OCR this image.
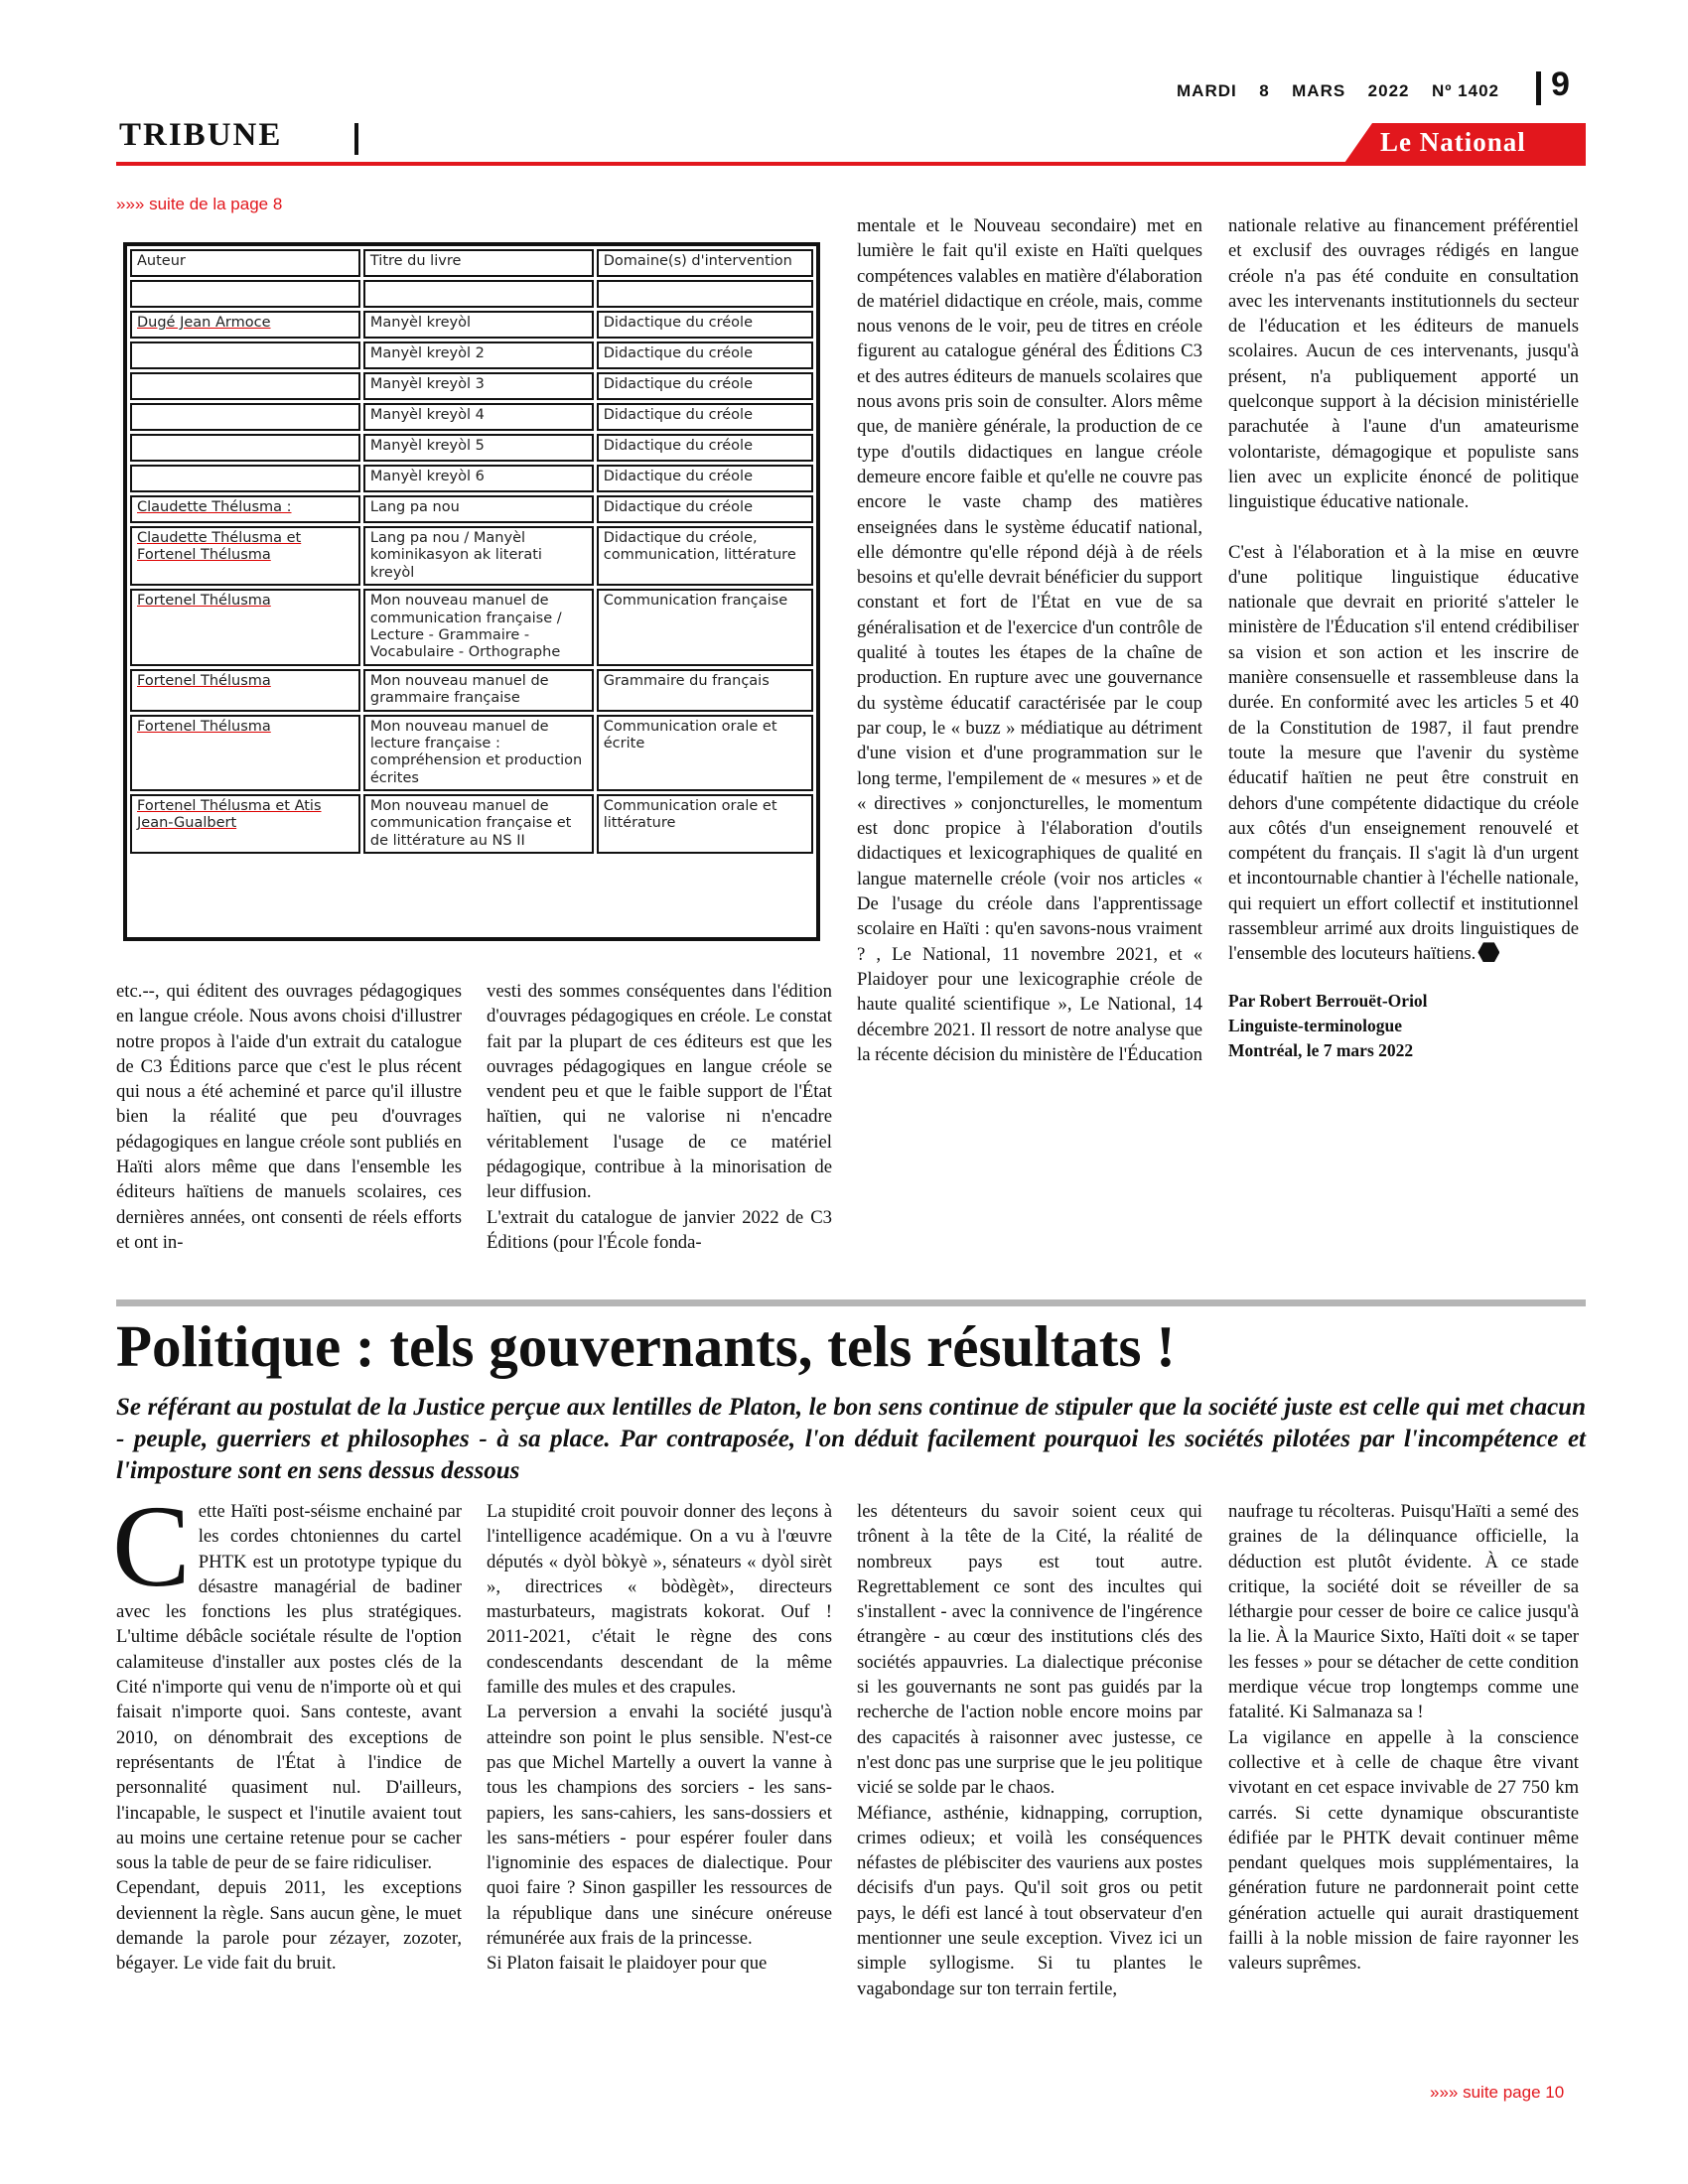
MARDI 8 MARS 2022 Nº 1402 9
TRIBUNE	Le National
»»» suite de la page 8
Auteur	Titre du livre	Domaine(s) d'intervention

Dugé Jean Armoce	Manyèl kreyòl	Didactique du créole
	Manyèl kreyòl 2	Didactique du créole
	Manyèl kreyòl 3	Didactique du créole
	Manyèl kreyòl 4	Didactique du créole
	Manyèl kreyòl 5	Didactique du créole
	Manyèl kreyòl 6	Didactique du créole
Claudette Thélusma :	Lang pa nou	Didactique du créole
Claudette Thélusma et Fortenel Thélusma	Lang pa nou / Manyèl kominikasyon ak literati kreyòl	Didactique du créole, communication, littérature
Fortenel Thélusma	Mon nouveau manuel de communication française / Lecture - Grammaire - Vocabulaire - Orthographe	Communication française
Fortenel Thélusma	Mon nouveau manuel de grammaire française	Grammaire du français
Fortenel Thélusma	Mon nouveau manuel de lecture française : compréhension et production écrites	Communication orale et écrite
Fortenel Thélusma et Atis Jean-Gualbert	Mon nouveau manuel de communication française et de littérature au NS II	Communication orale et littérature

etc.--, qui éditent des ouvrages pédagogiques en langue créole. Nous avons choisi d'illustrer notre propos à l'aide d'un extrait du catalogue de C3 Éditions parce que c'est le plus récent qui nous a été acheminé et parce qu'il illustre bien la réalité que peu d'ouvrages pédagogiques en langue créole sont publiés en Haïti alors même que dans l'ensemble les éditeurs haïtiens de manuels scolaires, ces dernières années, ont consenti de réels efforts et ont in-

vesti des sommes conséquentes dans l'édition d'ouvrages pédagogiques en créole. Le constat fait par la plupart de ces éditeurs est que les ouvrages pédagogiques en langue créole se vendent peu et que le faible support de l'État haïtien, qui ne valorise ni n'encadre véritablement l'usage de ce matériel pédagogique, contribue à la minorisation de leur diffusion.

L'extrait du catalogue de janvier 2022 de C3 Éditions (pour l'École fonda-

mentale et le Nouveau secondaire) met en lumière le fait qu'il existe en Haïti quelques compétences valables en matière d'élaboration de matériel didactique en créole, mais, comme nous venons de le voir, peu de titres en créole figurent au catalogue général des Éditions C3 et des autres éditeurs de manuels scolaires que nous avons pris soin de consulter. Alors même que, de manière générale, la production de ce type d'outils didactiques en langue créole demeure encore faible et qu'elle ne couvre pas encore le vaste champ des matières enseignées dans le système éducatif national, elle démontre qu'elle répond déjà à de réels besoins et qu'elle devrait bénéficier du support constant et fort de l'État en vue de sa généralisation et de l'exercice d'un contrôle de qualité à toutes les étapes de la chaîne de production. En rupture avec une gouvernance du système éducatif caractérisée par le coup par coup, le « buzz » médiatique au détriment d'une vision et d'une programmation sur le long terme, l'empilement de « mesures » et de « directives » conjoncturelles, le momentum est donc propice à l'élaboration d'outils didactiques et lexicographiques de qualité en langue maternelle créole (voir nos articles « De l'usage du créole dans l'apprentissage scolaire en Haïti : qu'en savons-nous vraiment ? , Le National, 11 novembre 2021, et « Plaidoyer pour une lexicographie créole de haute qualité scientifique », Le National, 14 décembre 2021. Il ressort de notre analyse que la récente décision du ministère de l'Éducation

nationale relative au financement préférentiel et exclusif des ouvrages rédigés en langue créole n'a pas été conduite en consultation avec les intervenants institutionnels du secteur de l'éducation et les éditeurs de manuels scolaires. Aucun de ces intervenants, jusqu'à présent, n'a publiquement apporté un quelconque support à la décision ministérielle parachutée à l'aune d'un amateurisme volontariste, démagogique et populiste sans lien avec un explicite énoncé de politique linguistique éducative nationale.

C'est à l'élaboration et à la mise en œuvre d'une politique linguistique éducative nationale que devrait en priorité s'atteler le ministère de l'Éducation s'il entend crédibiliser sa vision et son action et les inscrire de manière consensuelle et rassembleuse dans la durée. En conformité avec les articles 5 et 40 de la Constitution de 1987, il faut prendre toute la mesure que l'avenir du système éducatif haïtien ne peut être construit en dehors d'une compétente didactique du créole aux côtés d'un enseignement renouvelé et compétent du français. Il s'agit là d'un urgent et incontournable chantier à l'échelle nationale, qui requiert un effort collectif et institutionnel rassembleur arrimé aux droits linguistiques de l'ensemble des locuteurs haïtiens.

Par Robert Berrouët-Oriol
Linguiste-terminologue
Montréal, le 7 mars 2022
Politique : tels gouvernants, tels résultats !
Se référant au postulat de la Justice perçue aux lentilles de Platon, le bon sens continue de stipuler que la société juste est celle qui met chacun - peuple, guerriers et philosophes - à sa place. Par contraposée, l'on déduit facilement pourquoi les sociétés pilotées par l'incompétence et l'imposture sont en sens dessus dessous

Cette Haïti post-séisme enchainé par les cordes chtoniennes du cartel PHTK est un prototype typique du désastre managérial de badiner avec les fonctions les plus stratégiques. L'ultime débâcle sociétale résulte de l'option calamiteuse d'installer aux postes clés de la Cité n'importe qui venu de n'importe où et qui faisait n'importe quoi. Sans conteste, avant 2010, on dénombrait des exceptions de représentants de l'État à l'indice de personnalité quasiment nul. D'ailleurs, l'incapable, le suspect et l'inutile avaient tout au moins une certaine retenue pour se cacher sous la table de peur de se faire ridiculiser.

Cependant, depuis 2011, les exceptions deviennent la règle. Sans aucun gène, le muet demande la parole pour zézayer, zozoter, bégayer. Le vide fait du bruit.

La stupidité croit pouvoir donner des leçons à l'intelligence académique. On a vu à l'œuvre députés « dyòl bòkyè », sénateurs « dyòl sirèt », directrices « bòdègèt», directeurs masturbateurs, magistrats kokorat. Ouf ! 2011-2021, c'était le règne des cons condescendants descendant de la même famille des mules et des crapules.

La perversion a envahi la société jusqu'à atteindre son point le plus sensible. N'est-ce pas que Michel Martelly a ouvert la vanne à tous les champions des sorciers - les sans-papiers, les sans-cahiers, les sans-dossiers et les sans-métiers - pour espérer fouler dans l'ignominie des espaces de dialectique. Pour quoi faire ? Sinon gaspiller les ressources de la république dans une sinécure onéreuse rémunérée aux frais de la princesse.

Si Platon faisait le plaidoyer pour que

les détenteurs du savoir soient ceux qui trônent à la tête de la Cité, la réalité de nombreux pays est tout autre. Regrettablement ce sont des incultes qui s'installent - avec la connivence de l'ingérence étrangère - au cœur des institutions clés des sociétés appauvries. La dialectique préconise si les gouvernants ne sont pas guidés par la recherche de l'action noble encore moins par des capacités à raisonner avec justesse, ce n'est donc pas une surprise que le jeu politique vicié se solde par le chaos.

Méfiance, asthénie, kidnapping, corruption, crimes odieux; et voilà les conséquences néfastes de plébisciter des vauriens aux postes décisifs d'un pays. Qu'il soit gros ou petit pays, le défi est lancé à tout observateur d'en mentionner une seule exception. Vivez ici un simple syllogisme. Si tu plantes le vagabondage sur ton terrain fertile,

naufrage tu récolteras. Puisqu'Haïti a semé des graines de la délinquance officielle, la déduction est plutôt évidente. À ce stade critique, la société doit se réveiller de sa léthargie pour cesser de boire ce calice jusqu'à la lie. À la Maurice Sixto, Haïti doit « se taper les fesses » pour se détacher de cette condition merdique vécue trop longtemps comme une fatalité. Ki Salmanaza sa !

La vigilance en appelle à la conscience collective et à celle de chaque être vivant vivotant en cet espace invivable de 27 750 km carrés. Si cette dynamique obscurantiste édifiée par le PHTK devait continuer même pendant quelques mois supplémentaires, la génération future ne pardonnerait point cette génération actuelle qui aurait drastiquement failli à la noble mission de faire rayonner les valeurs suprêmes.

»»» suite page 10
